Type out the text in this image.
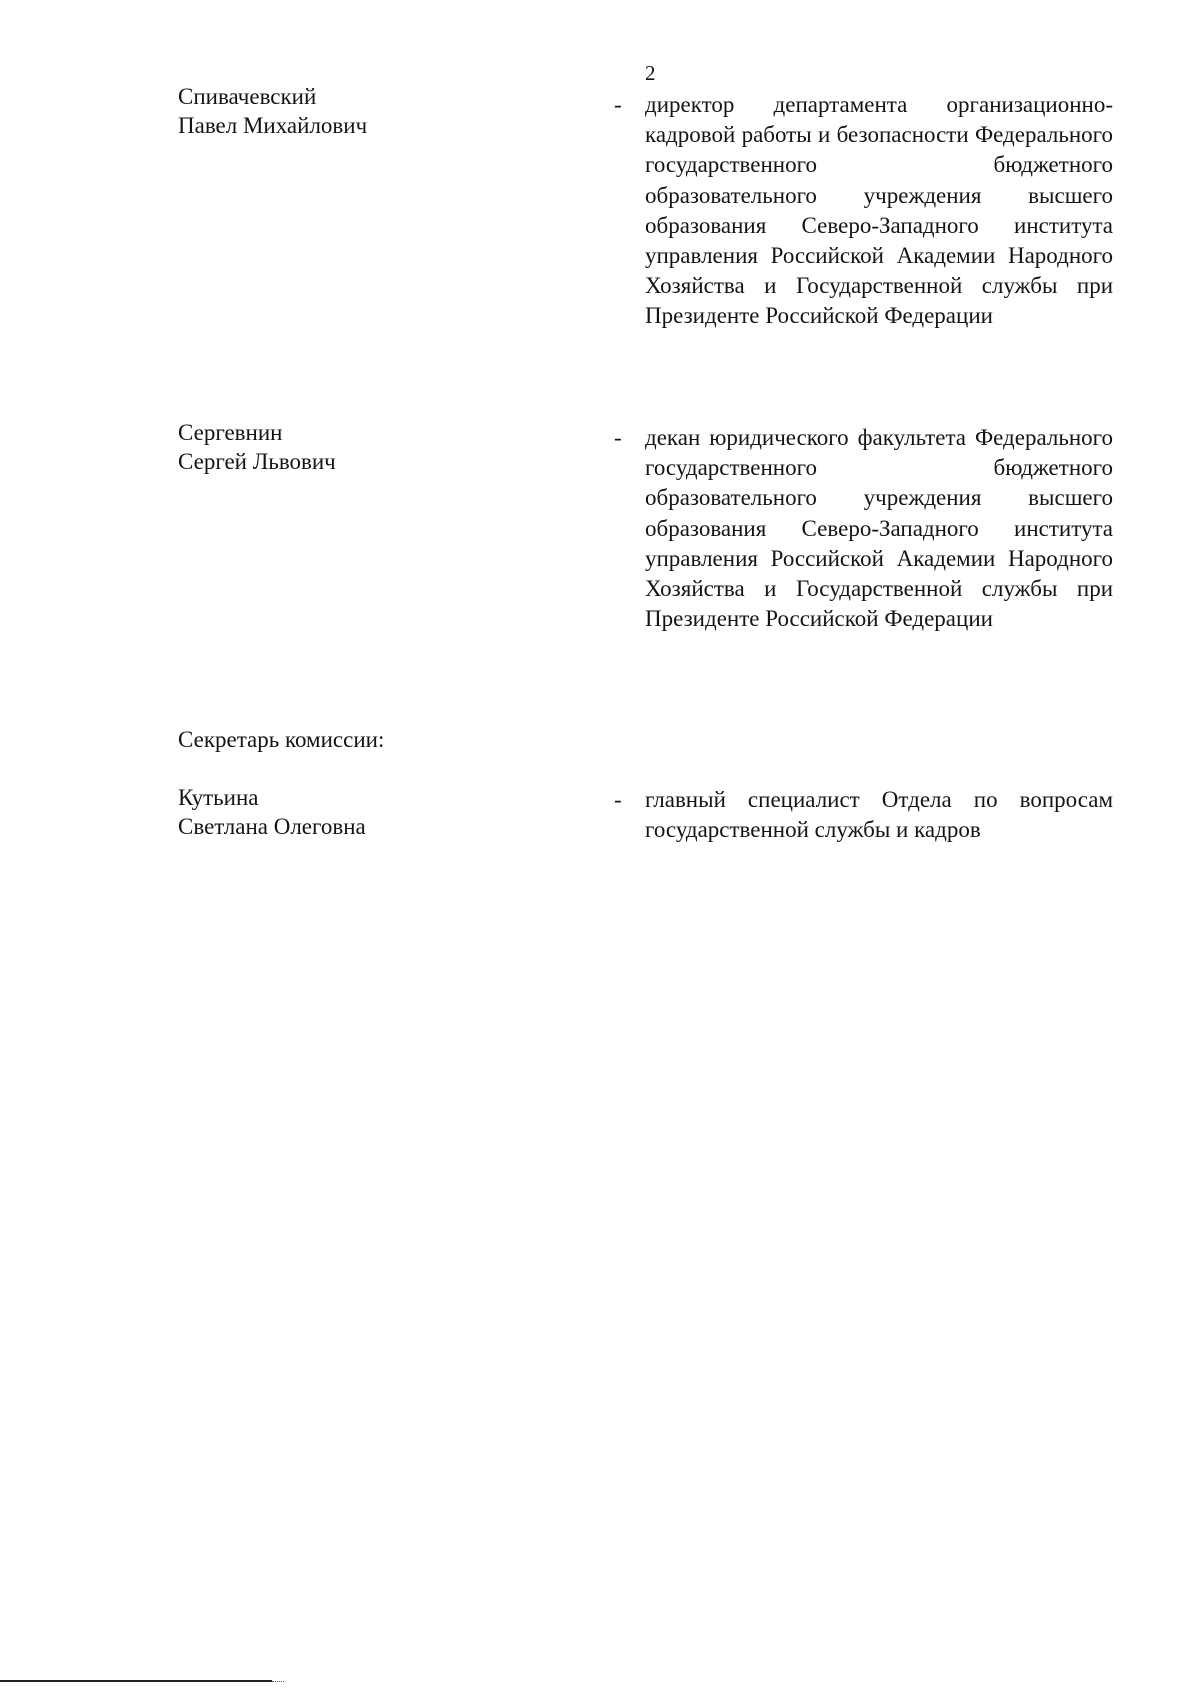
2
Спивачевский
Павел Михайлович
- директор департамента организационно-кадровой работы и безопасности Федерального государственного бюджетного образовательного учреждения высшего образования Северо-Западного института управления Российской Академии Народного Хозяйства и Государственной службы при Президенте Российской Федерации
Сергевнин
Сергей Львович
- декан юридического факультета Федерального государственного бюджетного образовательного учреждения высшего образования Северо-Западного института управления Российской Академии Народного Хозяйства и Государственной службы при Президенте Российской Федерации
Секретарь комиссии:
Кутьина
Светлана Олеговна
- главный специалист Отдела по вопросам государственной службы и кадров
